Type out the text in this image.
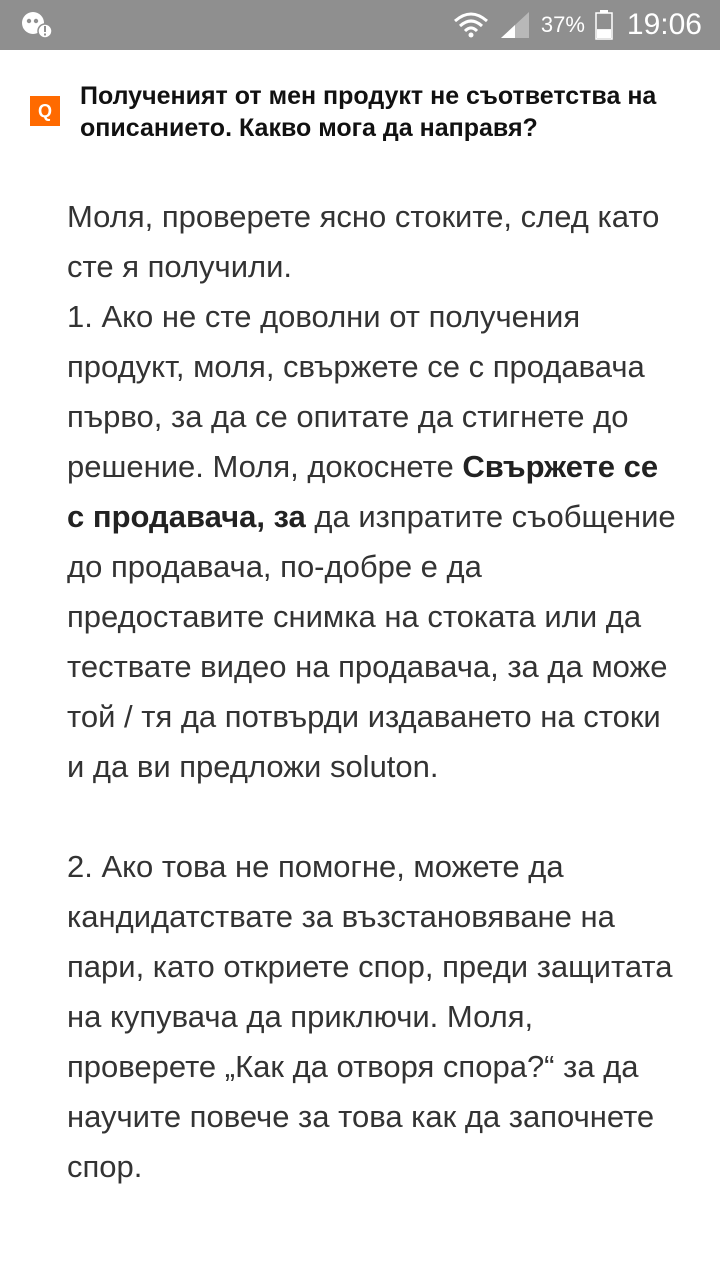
37% 19:06
Q
Полученият от мен продукт не съответства на описанието. Какво мога да направя?

Моля, проверете ясно стоките, след като сте я получили.

1. Ако не сте доволни от получения продукт, моля, свържете се с продавача първо, за да се опитате да стигнете до решение. Моля, докоснете Свържете се с продавача, за да изпратите съобщение до продавача, по-добре е да предоставите снимка на стоката или да тествате видео на продавача, за да може той / тя да потвърди издаването на стоки и да ви предложи soluton.

2. Ако това не помогне, можете да кандидатствате за възстановяване на пари, като откриете спор, преди защитата на купувача да приключи. Моля, проверете „Как да отворя спора?“ за да научите повече за това как да започнете спор.
